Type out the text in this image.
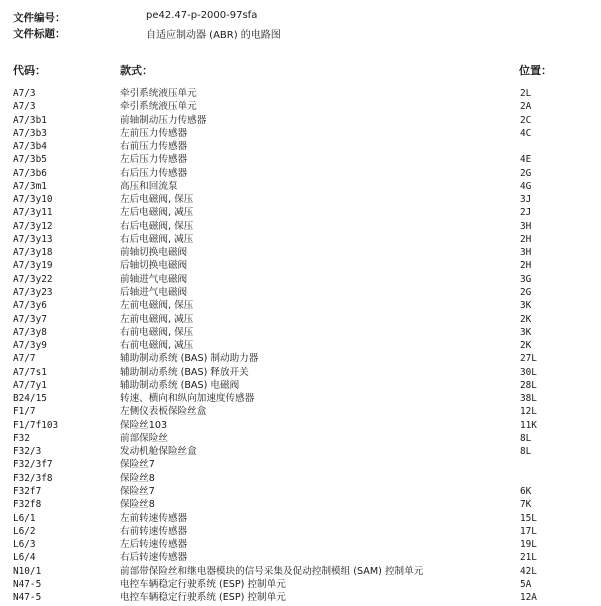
文件编号：	pe42.47-p-2000-97sfa
文件标题：	自适应制动器 (ABR) 的电路图
代码：	款式：	位置：
A7/3	牵引系统液压单元	2L
A7/3	牵引系统液压单元	2A
A7/3b1	前轴制动压力传感器	2C
A7/3b3	左前压力传感器	4C
A7/3b4	右前压力传感器
A7/3b5	左后压力传感器	4E
A7/3b6	右后压力传感器	2G
A7/3m1	高压和回流泵	4G
A7/3y10	左后电磁阀, 保压	3J
A7/3y11	左后电磁阀, 减压	2J
A7/3y12	右后电磁阀, 保压	3H
A7/3y13	右后电磁阀, 减压	2H
A7/3y18	前轴切换电磁阀	3H
A7/3y19	后轴切换电磁阀	2H
A7/3y22	前轴进气电磁阀	3G
A7/3y23	后轴进气电磁阀	2G
A7/3y6	左前电磁阀, 保压	3K
A7/3y7	左前电磁阀, 减压	2K
A7/3y8	右前电磁阀, 保压	3K
A7/3y9	右前电磁阀, 减压	2K
A7/7	辅助制动系统 (BAS) 制动助力器	27L
A7/7s1	辅助制动系统 (BAS) 释放开关	30L
A7/7y1	辅助制动系统 (BAS) 电磁阀	28L
B24/15	转速、横向和纵向加速度传感器	38L
F1/7	左侧仪表板保险丝盒	12L
F1/7f103	保险丝103	11K
F32	前部保险丝	8L
F32/3	发动机舱保险丝盒	8L
F32/3f7	保险丝7
F32/3f8	保险丝8
F32f7	保险丝7	6K
F32f8	保险丝8	7K
L6/1	左前转速传感器	15L
L6/2	右前转速传感器	17L
L6/3	左后转速传感器	19L
L6/4	右后转速传感器	21L
N10/1	前部带保险丝和继电器模块的信号采集及促动控制模组 (SAM) 控制单元	42L
N47-5	电控车辆稳定行驶系统 (ESP) 控制单元	5A
N47-5	电控车辆稳定行驶系统 (ESP) 控制单元	12A
